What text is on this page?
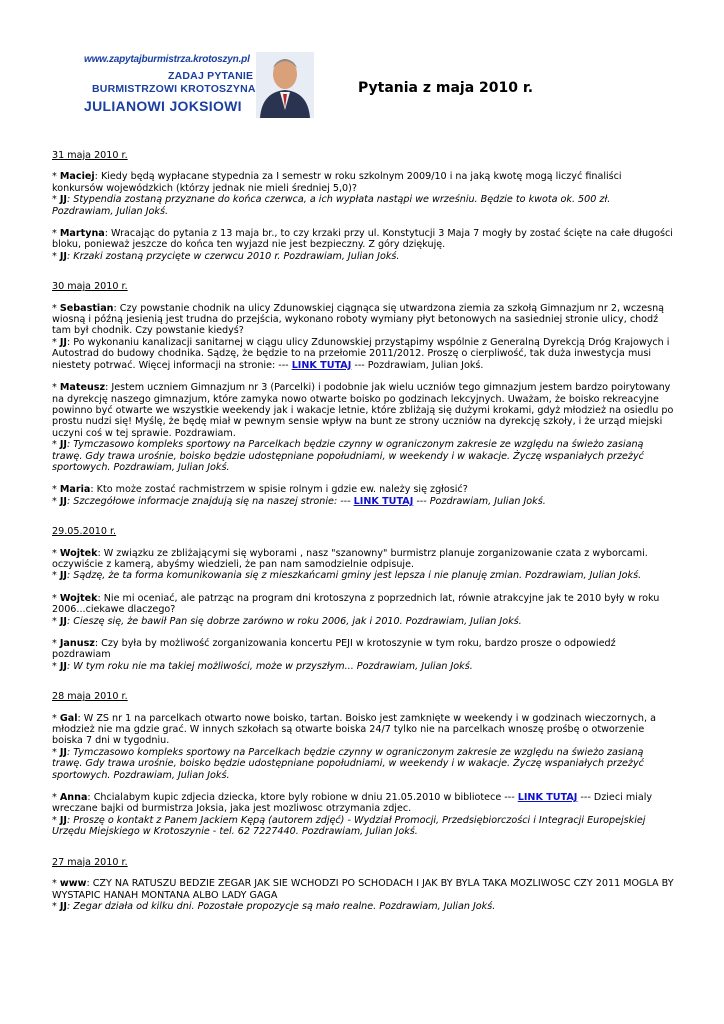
www.zapytajburmistrza.krotoszyn.pl
ZADAJ PYTANIE
BURMISTRZOWI KROTOSZYNA
JULIANOWI JOKSIOWI
Pytania z maja 2010 r.
31 maja 2010 r.

* Maciej: Kiedy będą wypłacane stypednia za I semestr w roku szkolnym 2009/10 i na jaką kwotę mogą liczyć finaliści konkursów wojewódzkich (którzy jednak nie mieli średniej 5,0)?

* JJ: Stypendia zostaną przyznane do końca czerwca, a ich wypłata nastąpi we wrześniu. Będzie to kwota ok. 500 zł. Pozdrawiam, Julian Jokś.

* Martyna: Wracając do pytania z 13 maja br., to czy krzaki przy ul. Konstytucji 3 Maja 7 mogły by zostać ścięte na całe długości bloku, ponieważ jeszcze do końca ten wyjazd nie jest bezpieczny. Z góry dziękuję.

* JJ: Krzaki zostaną przycięte w czerwcu 2010 r. Pozdrawiam, Julian Jokś.

30 maja 2010 r.

* Sebastian: Czy powstanie chodnik na ulicy Zdunowskiej ciągnąca się utwardzona ziemia za szkołą Gimnazjum nr 2, wczesną wiosną i późną jesienią jest trudna do przejścia, wykonano roboty wymiany płyt betonowych na sasiedniej stronie ulicy, chodź tam był chodnik. Czy powstanie kiedyś?

* JJ: Po wykonaniu kanalizacji sanitarnej w ciągu ulicy Zdunowskiej przystąpimy wspólnie z Generalną Dyrekcją Dróg Krajowych i Autostrad do budowy chodnika. Sądzę, że będzie to na przełomie 2011/2012. Proszę o cierpliwość, tak duża inwestycja musi niestety potrwać. Więcej informacji na stronie: --- LINK TUTAJ --- Pozdrawiam, Julian Jokś.

* Mateusz: Jestem uczniem Gimnazjum nr 3 (Parcelki) i podobnie jak wielu uczniów tego gimnazjum jestem bardzo poirytowany na dyrekcję naszego gimnazjum, które zamyka nowo otwarte boisko po godzinach lekcyjnych. Uważam, że boisko rekreacyjne powinno być otwarte we wszystkie weekendy jak i wakacje letnie, które zbliżają się dużymi krokami, gdyż młodzież na osiedlu po prostu nudzi się! Myślę, że będę miał w pewnym sensie wpływ na bunt ze strony uczniów na dyrekcję szkoły, i że urząd miejski uczyni coś w tej sprawie. Pozdrawiam.

* JJ: Tymczasowo kompleks sportowy na Parcelkach będzie czynny w ograniczonym zakresie ze względu na świeżo zasianą trawę. Gdy trawa urośnie, boisko będzie udostępniane popołudniami, w weekendy i w wakacje. Życzę wspaniałych przeżyć sportowych. Pozdrawiam, Julian Jokś.

* Maria: Kto może zostać rachmistrzem w spisie rolnym i gdzie ew. należy się zgłosić?

* JJ: Szczegółowe informacje znajdują się na naszej stronie: --- LINK TUTAJ --- Pozdrawiam, Julian Jokś.

29.05.2010 r.

* Wojtek: W związku ze zbliżającymi się wyborami , nasz "szanowny" burmistrz planuje zorganizowanie czata z wyborcami. oczywiście z kamerą, abyśmy wiedzieli, że pan nam samodzielnie odpisuje.

* JJ: Sądzę, że ta forma komunikowania się z mieszkańcami gminy jest lepsza i nie planuję zmian. Pozdrawiam, Julian Jokś.

* Wojtek: Nie mi oceniać, ale patrząc na program dni krotoszyna z poprzednich lat, równie atrakcyjne jak te 2010 były w roku 2006...ciekawe dlaczego?

* JJ: Cieszę się, że bawił Pan się dobrze zarówno w roku 2006, jak i 2010. Pozdrawiam, Julian Jokś.

* Janusz: Czy była by możliwość zorganizowania koncertu PEJI w krotoszynie w tym roku, bardzo prosze o odpowiedź pozdrawiam

* JJ: W tym roku nie ma takiej możliwości, może w przyszłym... Pozdrawiam, Julian Jokś.

28 maja 2010 r.

* Gal: W ZS nr 1 na parcelkach otwarto nowe boisko, tartan. Boisko jest zamknięte w weekendy i w godzinach wieczornych, a młodzież nie ma gdzie grać. W innych szkołach są otwarte boiska 24/7 tylko nie na parcelkach wnoszę prośbę o otworzenie boiska 7 dni w tygodniu.

* JJ: Tymczasowo kompleks sportowy na Parcelkach będzie czynny w ograniczonym zakresie ze względu na świeżo zasianą trawę. Gdy trawa urośnie, boisko będzie udostępniane popołudniami, w weekendy i w wakacje. Życzę wspaniałych przeżyć sportowych. Pozdrawiam, Julian Jokś.

* Anna: Chcialabym kupic zdjecia dziecka, ktore byly robione w dniu 21.05.2010 w bibliotece --- LINK TUTAJ --- Dzieci mialy wreczane bajki od burmistrza Joksia, jaka jest mozliwosc otrzymania zdjec.

* JJ: Proszę o kontakt z Panem Jackiem Kępą (autorem zdjęć) - Wydział Promocji, Przedsiębiorczości i Integracji Europejskiej Urzędu Miejskiego w Krotoszynie - tel. 62 7227440. Pozdrawiam, Julian Jokś.

27 maja 2010 r.

* www: CZY NA RATUSZU BEDZIE ZEGAR JAK SIE WCHODZI PO SCHODACH I JAK BY BYLA TAKA MOZLIWOSC CZY 2011 MOGLA BY WYSTAPIC HANAH MONTANA ALBO LADY GAGA

* JJ: Zegar działa od kilku dni. Pozostałe propozycje są mało realne. Pozdrawiam, Julian Jokś.
